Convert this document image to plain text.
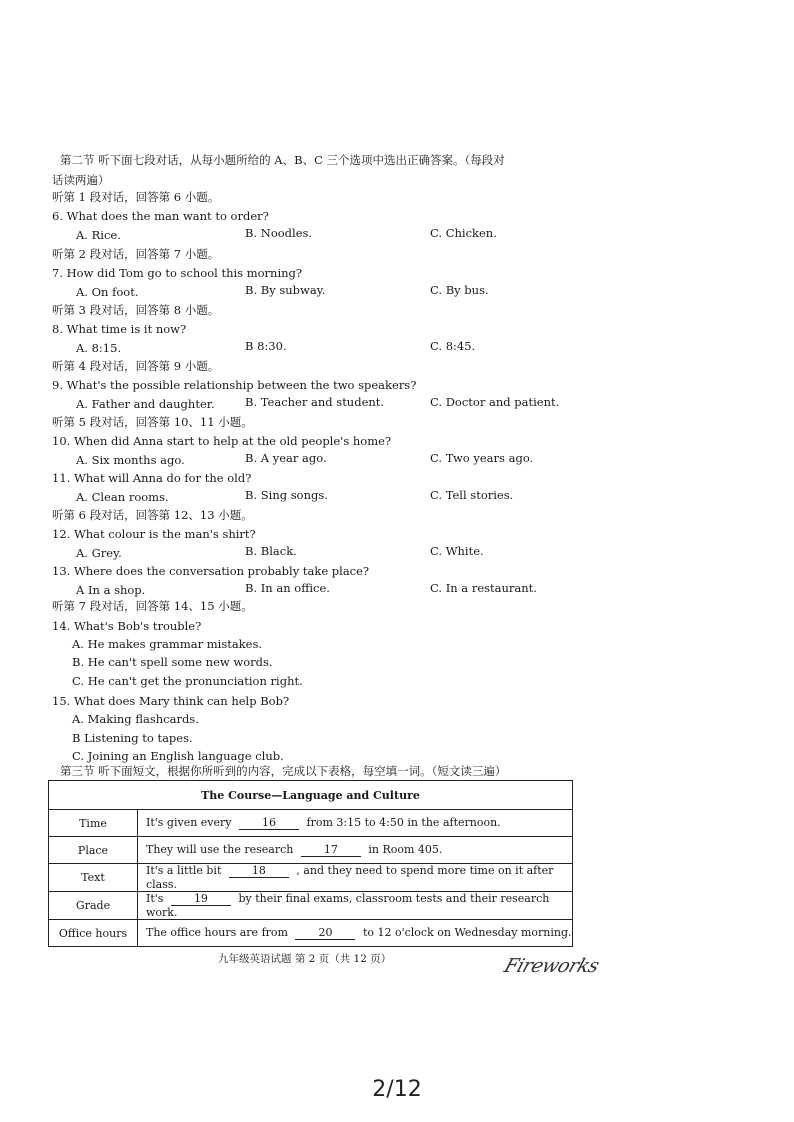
第二节 听下面七段对话，从每小题所给的 A、B、C 三个选项中选出正确答案。（每段对
话读两遍）
听第 1 段对话，回答第 6 小题。
6. What does the man want to order?
A. Rice.	B. Noodles.	C. Chicken.
听第 2 段对话，回答第 7 小题。
7. How did Tom go to school this morning?
A. On foot.	B. By subway.	C. By bus.
听第 3 段对话，回答第 8 小题。
8. What time is it now?
A. 8:15.	B 8:30.	C. 8:45.
听第 4 段对话，回答第 9 小题。
9. What's the possible relationship between the two speakers?
A. Father and daughter.	B. Teacher and student.	C. Doctor and patient.
听第 5 段对话，回答第 10、11 小题。
10. When did Anna start to help at the old people's home?
A. Six months ago.	B. A year ago.	C. Two years ago.
11. What will Anna do for the old?
A. Clean rooms.	B. Sing songs.	C. Tell stories.
听第 6 段对话，回答第 12、13 小题。
12. What colour is the man's shirt?
A. Grey.	B. Black.	C. White.
13. Where does the conversation probably take place?
A In a shop.	B. In an office.	C. In a restaurant.
听第 7 段对话，回答第 14、15 小题。
14. What's Bob's trouble?
A. He makes grammar mistakes.
B. He can't spell some new words.
C. He can't get the pronunciation right.
15. What does Mary think can help Bob?
A. Making flashcards.
B Listening to tapes.
C. Joining an English language club.
第三节 听下面短文，根据你所听到的内容，完成以下表格，每空填一词。（短文读三遍）
The Course—Language and Culture	
Time	It's given every 16 from 3:15 to 4:50 in the afternoon.
Place	They will use the research 17 in Room 405.
Text	It's a little bit 18 , and they need to spend more time on it after class.
Grade	It's 19 by their final exams, classroom tests and their research work.
Office hours	The office hours are from 20 to 12 o'clock on Wednesday morning.
九年级英语试题 第 2 页（共 12 页）	Fireworks
2/12
